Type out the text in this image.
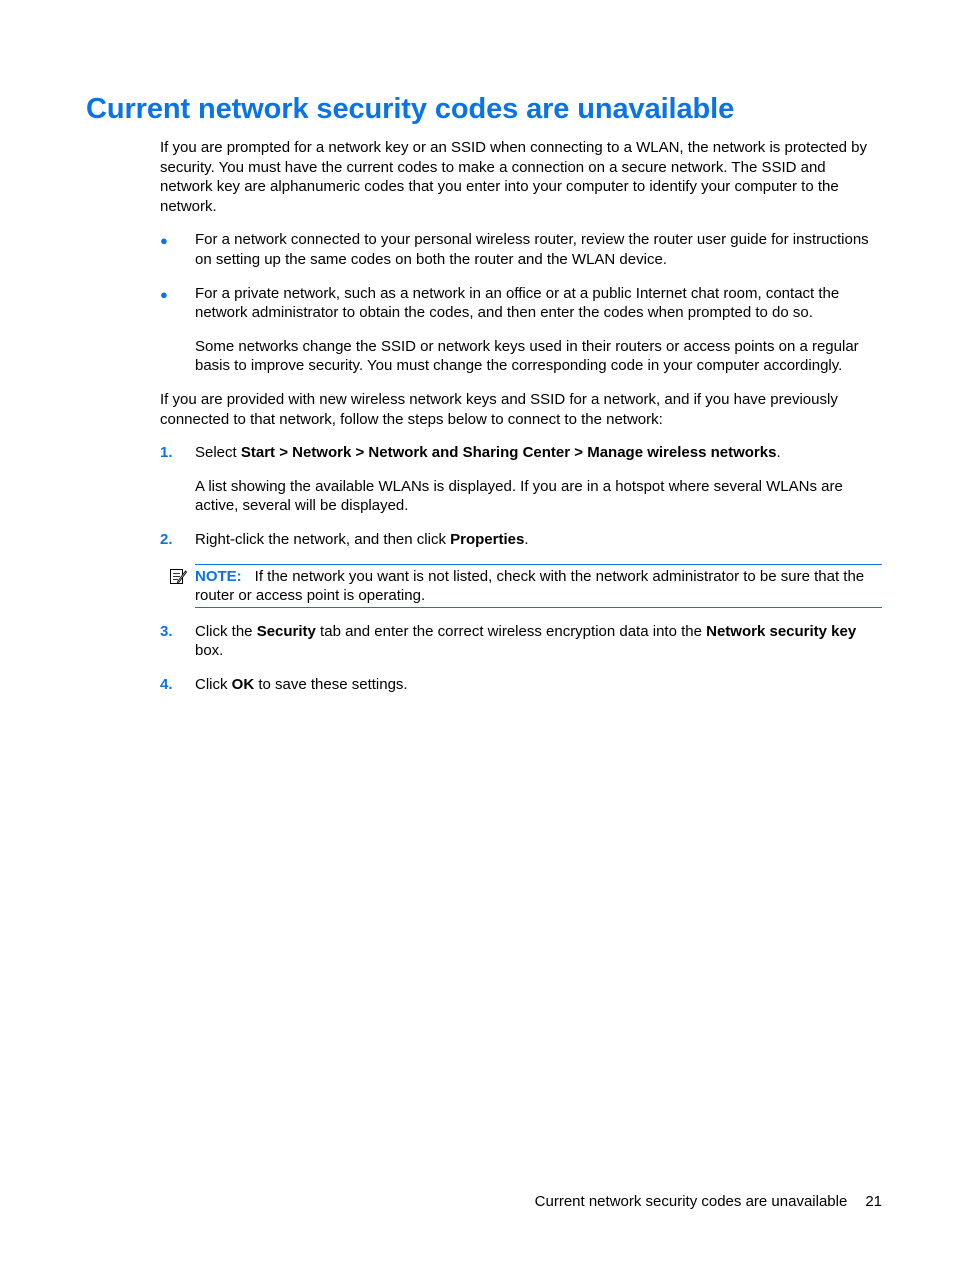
Current network security codes are unavailable

If you are prompted for a network key or an SSID when connecting to a WLAN, the network is protected by security. You must have the current codes to make a connection on a secure network. The SSID and network key are alphanumeric codes that you enter into your computer to identify your computer to the network.

●	For a network connected to your personal wireless router, review the router user guide for instructions on setting up the same codes on both the router and the WLAN device.

●	For a private network, such as a network in an office or at a public Internet chat room, contact the network administrator to obtain the codes, and then enter the codes when prompted to do so.

Some networks change the SSID or network keys used in their routers or access points on a regular basis to improve security. You must change the corresponding code in your computer accordingly.

If you are provided with new wireless network keys and SSID for a network, and if you have previously connected to that network, follow the steps below to connect to the network:

1.	Select Start > Network > Network and Sharing Center > Manage wireless networks.

A list showing the available WLANs is displayed. If you are in a hotspot where several WLANs are active, several will be displayed.

2.	Right-click the network, and then click Properties.

NOTE: If the network you want is not listed, check with the network administrator to be sure that the router or access point is operating.
3.	Click the Security tab and enter the correct wireless encryption data into the Network security key box.

4.	Click OK to save these settings.

Current network security codes are unavailable 21
